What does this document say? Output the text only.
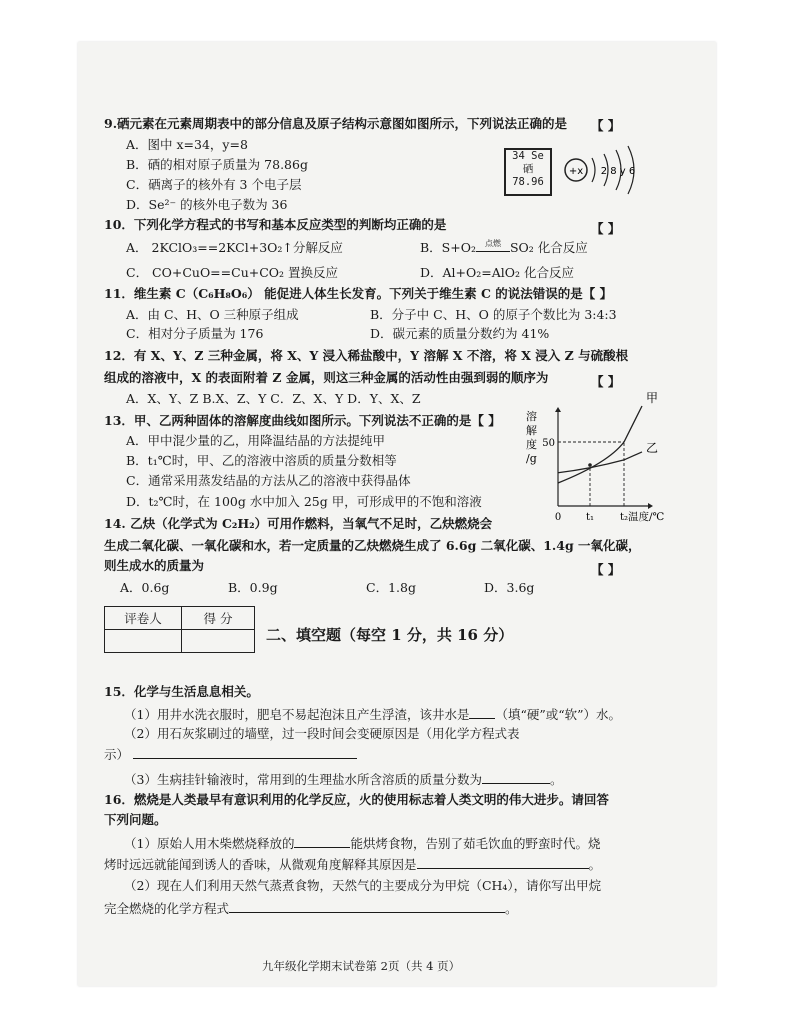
9.硒元素在元素周期表中的部分信息及原子结构示意图如图所示，下列说法正确的是 【 】
A．图中 x=34，y=8
B．硒的相对原子质量为 78.86g
C．硒离子的核外有 3 个电子层
D．Se²⁻ 的核外电子数为 36
34 Se
硒
78.96
+x 2 8 y 6
10．下列化学方程式的书写和基本反应类型的判断均正确的是	【 】
A． 2KClO₃==2KCl+3O₂↑分解反应	B．S+O₂	点燃 SO₂ 化合反应
C． CO+CuO==Cu+CO₂ 置换反应	D．Al+O₂=AlO₂ 化合反应
11．维生素 C（C₆H₈O₆） 能促进人体生长发育。下列关于维生素 C 的说法错误的是【 】
A．由 C、H、O 三种原子组成	B．分子中 C、H、O 的原子个数比为 3:4:3
C．相对分子质量为 176	D．碳元素的质量分数约为 41%
12．有 X、Y、Z 三种金属，将 X、Y 浸入稀盐酸中，Y 溶解 X 不溶，将 X 浸入 Z 与硫酸根
组成的溶液中，X 的表面附着 Z 金属，则这三种金属的活动性由强到弱的顺序为	【 】
A．X、Y、Z B.X、Z、Y C．Z、X、Y D．Y、X、Z
13．甲、乙两种固体的溶解度曲线如图所示。下列说法不正确的是【 】
A．甲中混少量的乙，用降温结晶的方法提纯甲
B．t₁℃时，甲、乙的溶液中溶质的质量分数相等
C．通常采用蒸发结晶的方法从乙的溶液中获得晶体
D．t₂℃时，在 100g 水中加入 25g 甲，可形成甲的不饱和溶液
溶
解
度
/g
50
0 t₁	t₂ 温度/℃
甲
乙
14. 乙炔（化学式为 C₂H₂）可用作燃料，当氧气不足时，乙炔燃烧会
生成二氧化碳、一氧化碳和水，若一定质量的乙炔燃烧生成了 6.6g 二氧化碳、1.4g 一氧化碳，
则生成水的质量为	【 】
A．0.6g	B．0.9g	C．1.8g	D．3.6g
评卷人	得 分

二、填空题（每空 1 分，共 16 分）
15．化学与生活息息相关。
（1）用井水洗衣服时，肥皂不易起泡沫且产生浮渣，该井水是 （填“硬”或“软”）水。
（2）用石灰浆刷过的墙壁，过一段时间会变硬原因是（用化学方程式表
示）
（3）生病挂针输液时，常用到的生理盐水所含溶质的质量分数为	。
16．燃烧是人类最早有意识利用的化学反应，火的使用标志着人类文明的伟大进步。请回答
下列问题。
（1）原始人用木柴燃烧释放的	能烘烤食物，告别了茹毛饮血的野蛮时代。烧
烤时远远就能闻到诱人的香味，从微观角度解释其原因是	。
（2）现在人们利用天然气蒸煮食物，天然气的主要成分为甲烷（CH₄），请你写出甲烷
完全燃烧的化学方程式	。
九年级化学期末试卷第 2页（共 4 页）
